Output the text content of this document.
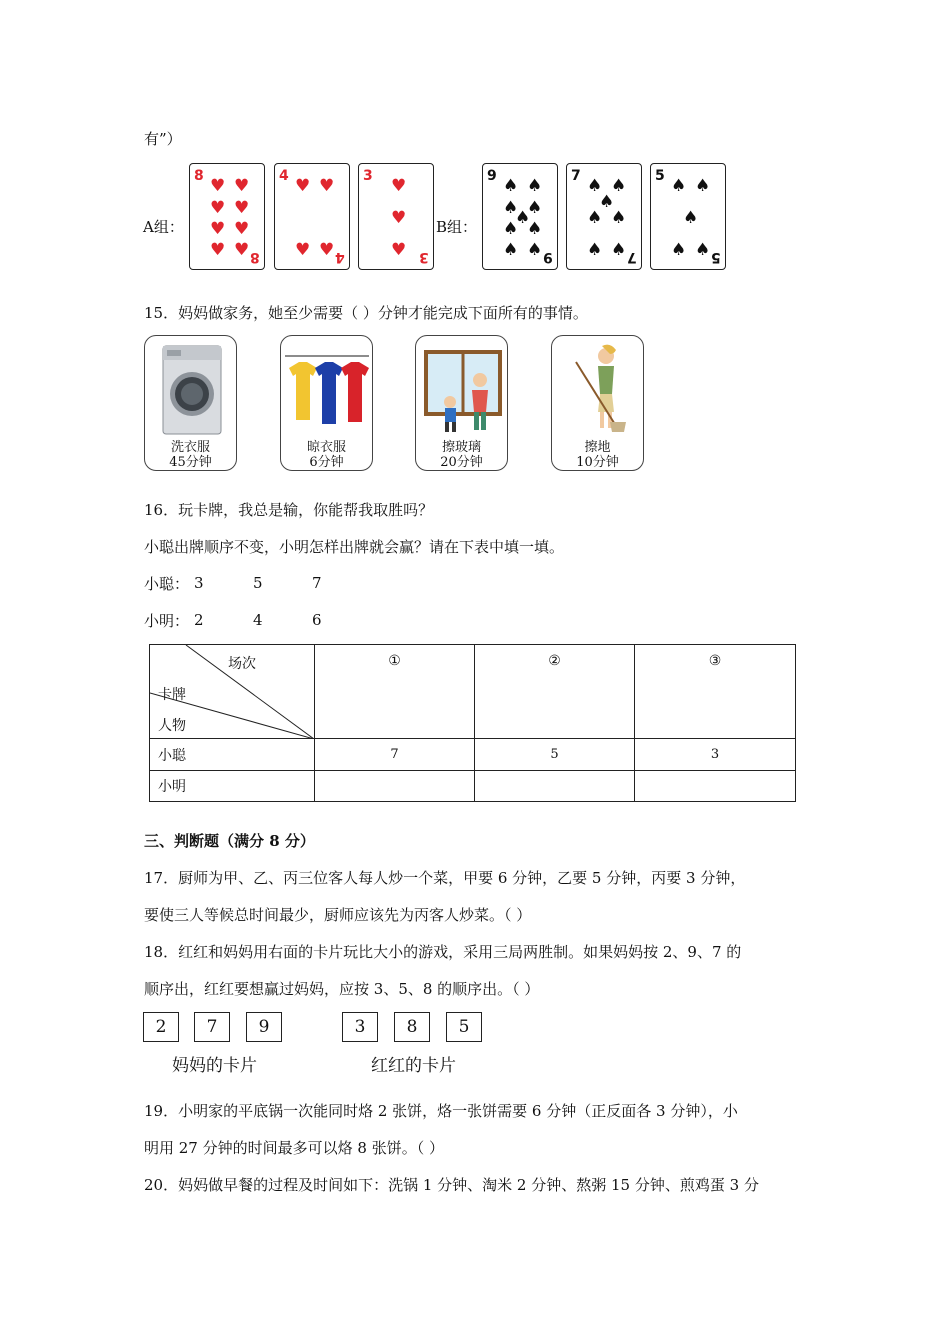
有”）
A组：
8
8
♥ ♥
♥ ♥
♥ ♥
♥ ♥
4
4
♥ ♥
♥ ♥
3
3
♥
♥
♥
B组：
9
9
♠ ♠
♠ ♠
♠
♠ ♠
♠ ♠
7
7
♠ ♠
♠
♠ ♠
♠ ♠
5
5
♠ ♠
♠
♠ ♠
15．妈妈做家务，她至少需要（ ）分钟才能完成下面所有的事情。
洗衣服
45分钟
晾衣服
6分钟
擦玻璃
20分钟
擦地
10分钟
16．玩卡牌，我总是输，你能帮我取胜吗？
小聪出牌顺序不变，小明怎样出牌就会赢？请在下表中填一填。
小聪： 3	5	7
小明： 2	4	6
场次
卡牌
人物	①	②	③
小聪	7	5	3
小明			
三、判断题（满分 8 分）
17．厨师为甲、乙、丙三位客人每人炒一个菜，甲要 6 分钟，乙要 5 分钟，丙要 3 分钟，
要使三人等候总时间最少，厨师应该先为丙客人炒菜。（ ）
18．红红和妈妈用右面的卡片玩比大小的游戏，采用三局两胜制。如果妈妈按 2、9、7 的
顺序出，红红要想赢过妈妈，应按 3、5、8 的顺序出。（ ）
2	7	9	3	8	5
妈妈的卡片	红红的卡片
19．小明家的平底锅一次能同时烙 2 张饼，烙一张饼需要 6 分钟（正反面各 3 分钟），小
明用 27 分钟的时间最多可以烙 8 张饼。（ ）
20．妈妈做早餐的过程及时间如下：洗锅 1 分钟、淘米 2 分钟、熬粥 15 分钟、煎鸡蛋 3 分
